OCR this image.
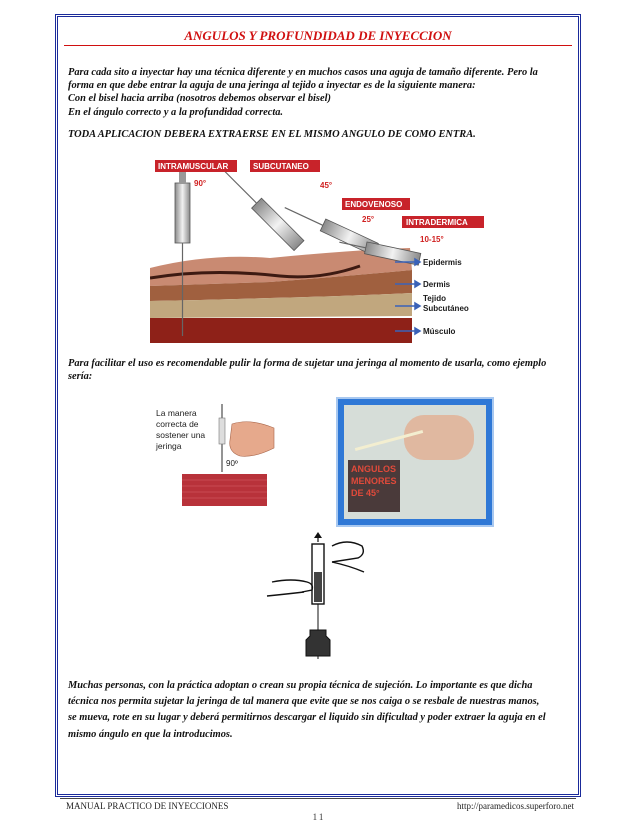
ANGULOS Y PROFUNDIDAD DE INYECCION
Para cada sito a inyectar hay una técnica diferente y en muchos casos una aguja de tamaño diferente. Pero la
forma en que debe entrar la aguja de una jeringa al tejido a inyectar es de la siguiente manera:
Con el bisel hacia arriba (nosotros debemos observar el bisel)
En el ángulo correcto y a la profundidad correcta.
TODA APLICACION DEBERA EXTRAERSE EN EL MISMO ANGULO DE COMO ENTRA.
INTRAMUSCULAR
90°
SUBCUTANEO
45°
ENDOVENOSO
25°	INTRADERMICA
10-15°
Epidermis
Dermis
Tejido
Subcutáneo
Músculo
Para facilitar el uso es recomendable pulir la forma de sujetar una jeringa al momento de usarla, como ejemplo
sería:
La manera
correcta de
sostener una
jeringa
90º
ANGULOS
MENORES
DE 45°
Muchas personas, con la práctica adoptan o crean su propia técnica de sujeción. Lo importante es que dicha
técnica nos permita sujetar la jeringa de tal manera que evite que se nos caiga o se resbale de nuestras manos,
se mueva, rote en su lugar y deberá permitirnos descargar el liquido sin dificultad y poder extraer la aguja en el
mismo ángulo en que la introducimos.
MANUAL PRACTICO DE INYECCIONES	http://paramedicos.superforo.net
11
